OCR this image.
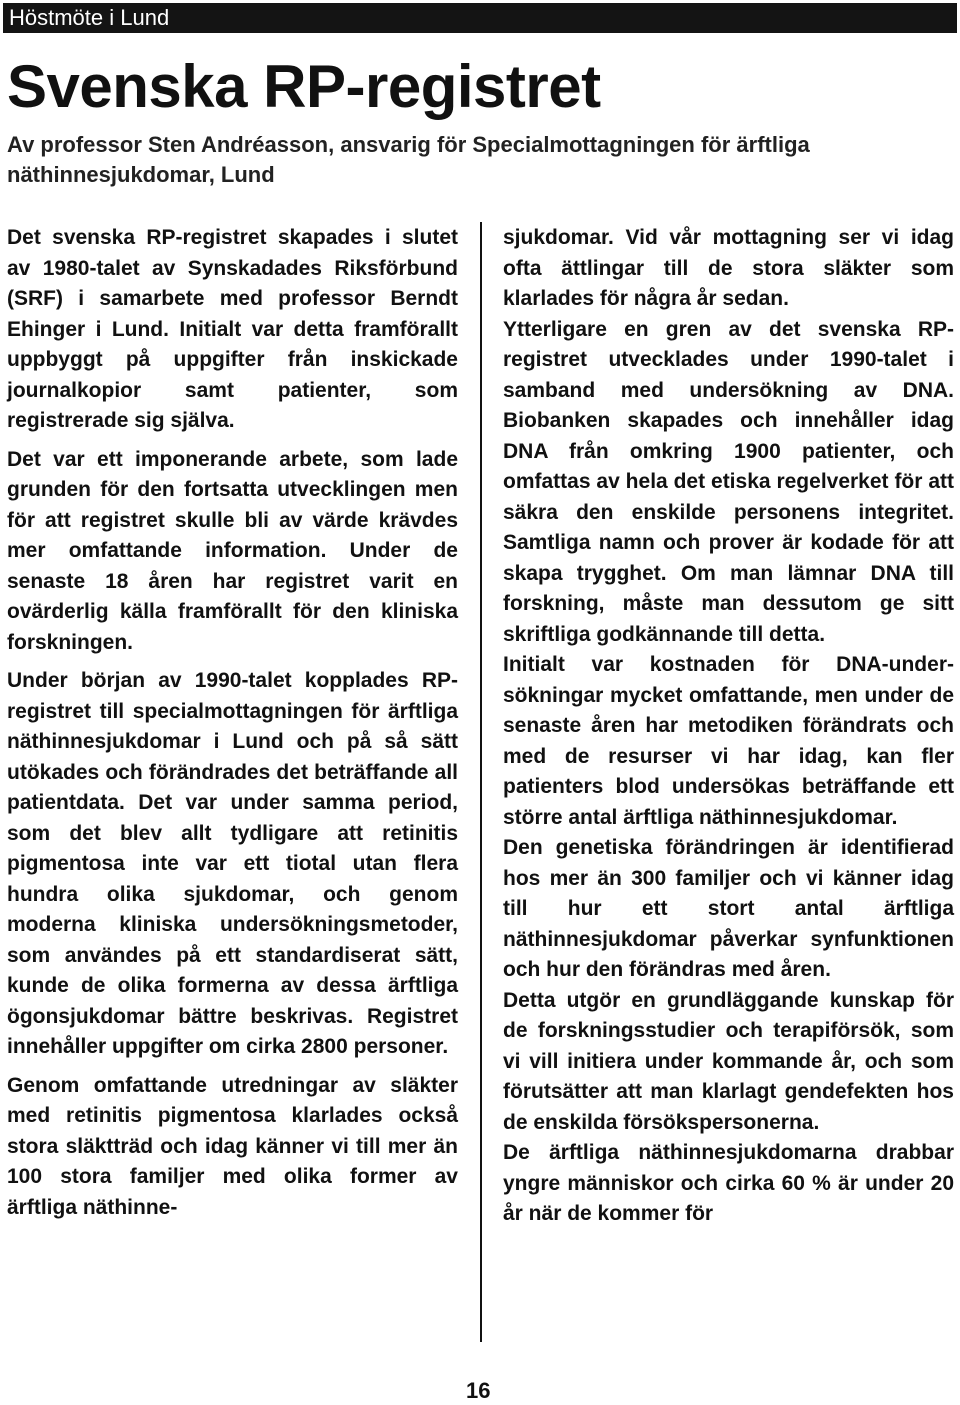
Höstmöte i Lund
Svenska RP-registret

Av professor Sten Andréasson, ansvarig för Specialmottagningen för ärftliga näthinnesjukdomar, Lund

Det svenska RP-registret skapades i slutet av 1980-talet av Synskadades Riksförbund (SRF) i samarbete med professor Berndt Ehinger i Lund. Initialt var detta framförallt uppbyggt på uppgifter från inskickade journalkopior samt patienter, som registrerade sig själva.

Det var ett imponerande arbete, som lade grunden för den fortsatta utvecklingen men för att registret skulle bli av värde krävdes mer omfattande information. Under de senaste 18 åren har registret varit en ovärderlig källa framförallt för den kliniska forskningen.

Under början av 1990-talet kopplades RP-registret till specialmottagningen för ärftliga näthinnesjukdomar i Lund och på så sätt utökades och förändrades det beträffande all patientdata. Det var under samma period, som det blev allt tydligare att retinitis pigmentosa inte var ett tiotal utan flera hundra olika sjukdomar, och genom moderna kliniska undersökningsmetoder, som användes på ett standardiserat sätt, kunde de olika formerna av dessa ärftliga ögonsjukdomar bättre beskrivas. Registret innehåller uppgifter om cirka 2800 personer.

Genom omfattande utredningar av släkter med retinitis pigmentosa klarlades också stora släktträd och idag känner vi till mer än 100 stora familjer med olika former av ärftliga näthinne-

sjukdomar. Vid vår mottagning ser vi idag ofta ättlingar till de stora släkter som klarlades för några år sedan.

Ytterligare en gren av det svenska RP-registret utvecklades under 1990-talet i samband med undersökning av DNA. Biobanken skapades och innehåller idag DNA från omkring 1900 patienter, och omfattas av hela det etiska regelverket för att säkra den enskilde personens integritet. Samtliga namn och prover är kodade för att skapa trygghet. Om man lämnar DNA till forskning, måste man dessutom ge sitt skriftliga godkännande till detta.

Initialt var kostnaden för DNA-undersökningar mycket omfattande, men under de senaste åren har metodiken förändrats och med de resurser vi har idag, kan fler patienters blod undersökas beträffande ett större antal ärftliga näthinnesjukdomar.

Den genetiska förändringen är identifierad hos mer än 300 familjer och vi känner idag till hur ett stort antal ärftliga näthinnesjukdomar påverkar synfunktionen och hur den förändras med åren.

Detta utgör en grundläggande kunskap för de forskningsstudier och terapiförsök, som vi vill initiera under kommande år, och som förutsätter att man klarlagt gendefekten hos de enskilda försökspersonerna.

De ärftliga näthinnesjukdomarna drabbar yngre människor och cirka 60 % är under 20 år när de kommer för

16
